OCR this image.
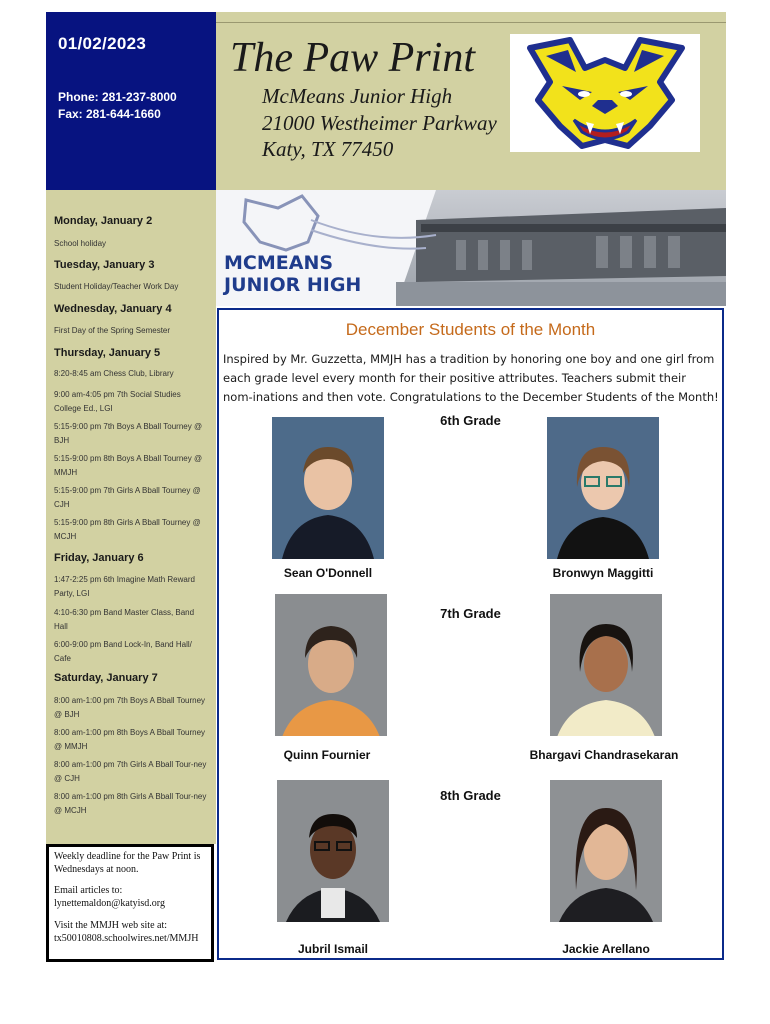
01/02/2023
Phone: 281-237-8000
Fax: 281-644-1660
The Paw Print
McMeans Junior High
21000 Westheimer Parkway
Katy, TX 77450
Monday, January 2
School holiday
Tuesday, January 3
Student Holiday/Teacher Work Day
Wednesday, January 4
First Day of the Spring Semester
Thursday, January 5
8:20-8:45 am Chess Club, Library
9:00 am-4:05 pm 7th Social Studies College Ed., LGI
5:15-9:00 pm 7th Boys A Bball Tourney @ BJH
5:15-9:00 pm 8th Boys A Bball Tourney @ MMJH
5:15-9:00 pm 7th Girls A Bball Tourney @ CJH
5:15-9:00 pm 8th Girls A Bball Tourney @ MCJH
Friday, January 6
1:47-2:25 pm 6th Imagine Math Reward Party, LGI
4:10-6:30 pm Band Master Class, Band Hall
6:00-9:00 pm Band Lock-In, Band Hall/ Cafe
Saturday, January 7
8:00 am-1:00 pm 7th Boys A Bball Tourney @ BJH
8:00 am-1:00 pm 8th Boys A Bball Tourney @ MMJH
8:00 am-1:00 pm 7th Girls A Bball Tour-ney @ CJH
8:00 am-1:00 pm 8th Girls A Bball Tour-ney @ MCJH
Weekly deadline for the Paw Print is Wednesdays at noon.
Email articles to:
lynettemaldon@katyisd.org
Visit the MMJH web site at:
tx50010808.schoolwires.net/MMJH
MCMEANS
JUNIOR HIGH
December Students of the Month
Inspired by Mr. Guzzetta, MMJH has a tradition by honoring one boy and one girl from each grade level every month for their positive attributes. Teachers submit their nom-inations and then vote. Congratulations to the December Students of the Month!
6th Grade
Sean O'Donnell	Bronwyn Maggitti
7th Grade
Quinn Fournier	Bhargavi Chandrasekaran
8th Grade
Jubril Ismail	Jackie Arellano
